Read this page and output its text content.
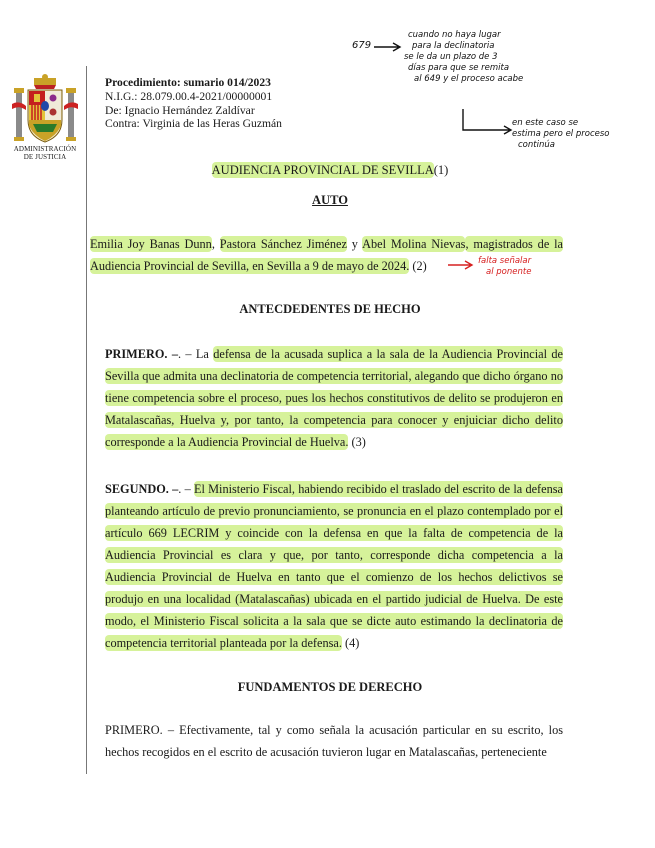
ADMINISTRACIÓN
DE JUSTICIA
Procedimiento: sumario 014/2023
N.I.G.: 28.079.00.4-2021/00000001
De: Ignacio Hernández Zaldívar
Contra: Virginia de las Heras Guzmán
679
cuando no haya lugar
para la declinatoria
se le da un plazo de 3
días para que se remita
al 649 y el proceso acabe
en este caso se
estima pero el proceso
continúa
AUDIENCIA PROVINCIAL DE SEVILLA(1)
AUTO
Emilia Joy Banas Dunn, Pastora Sánchez Jiménez y Abel Molina Nievas, magistrados de la Audiencia Provincial de Sevilla, en Sevilla a 9 de mayo de 2024. (2)	falta señalar
al ponente
ANTECDEDENTES DE HECHO
PRIMERO. –. – La defensa de la acusada suplica a la sala de la Audiencia Provincial de Sevilla que admita una declinatoria de competencia territorial, alegando que dicho órgano no tiene competencia sobre el proceso, pues los hechos constitutivos de delito se produjeron en Matalascañas, Huelva y, por tanto, la competencia para conocer y enjuiciar dicho delito corresponde a la Audiencia Provincial de Huelva. (3)
SEGUNDO. –. – El Ministerio Fiscal, habiendo recibido el traslado del escrito de la defensa planteando artículo de previo pronunciamiento, se pronuncia en el plazo contemplado por el artículo 669 LECRIM y coincide con la defensa en que la falta de competencia de la Audiencia Provincial es clara y que, por tanto, corresponde dicha competencia a la Audiencia Provincial de Huelva en tanto que el comienzo de los hechos delictivos se produjo en una localidad (Matalascañas) ubicada en el partido judicial de Huelva. De este modo, el Ministerio Fiscal solicita a la sala que se dicte auto estimando la declinatoria de competencia territorial planteada por la defensa. (4)
FUNDAMENTOS DE DERECHO
PRIMERO. – Efectivamente, tal y como señala la acusación particular en su escrito, los hechos recogidos en el escrito de acusación tuvieron lugar en Matalascañas, perteneciente
